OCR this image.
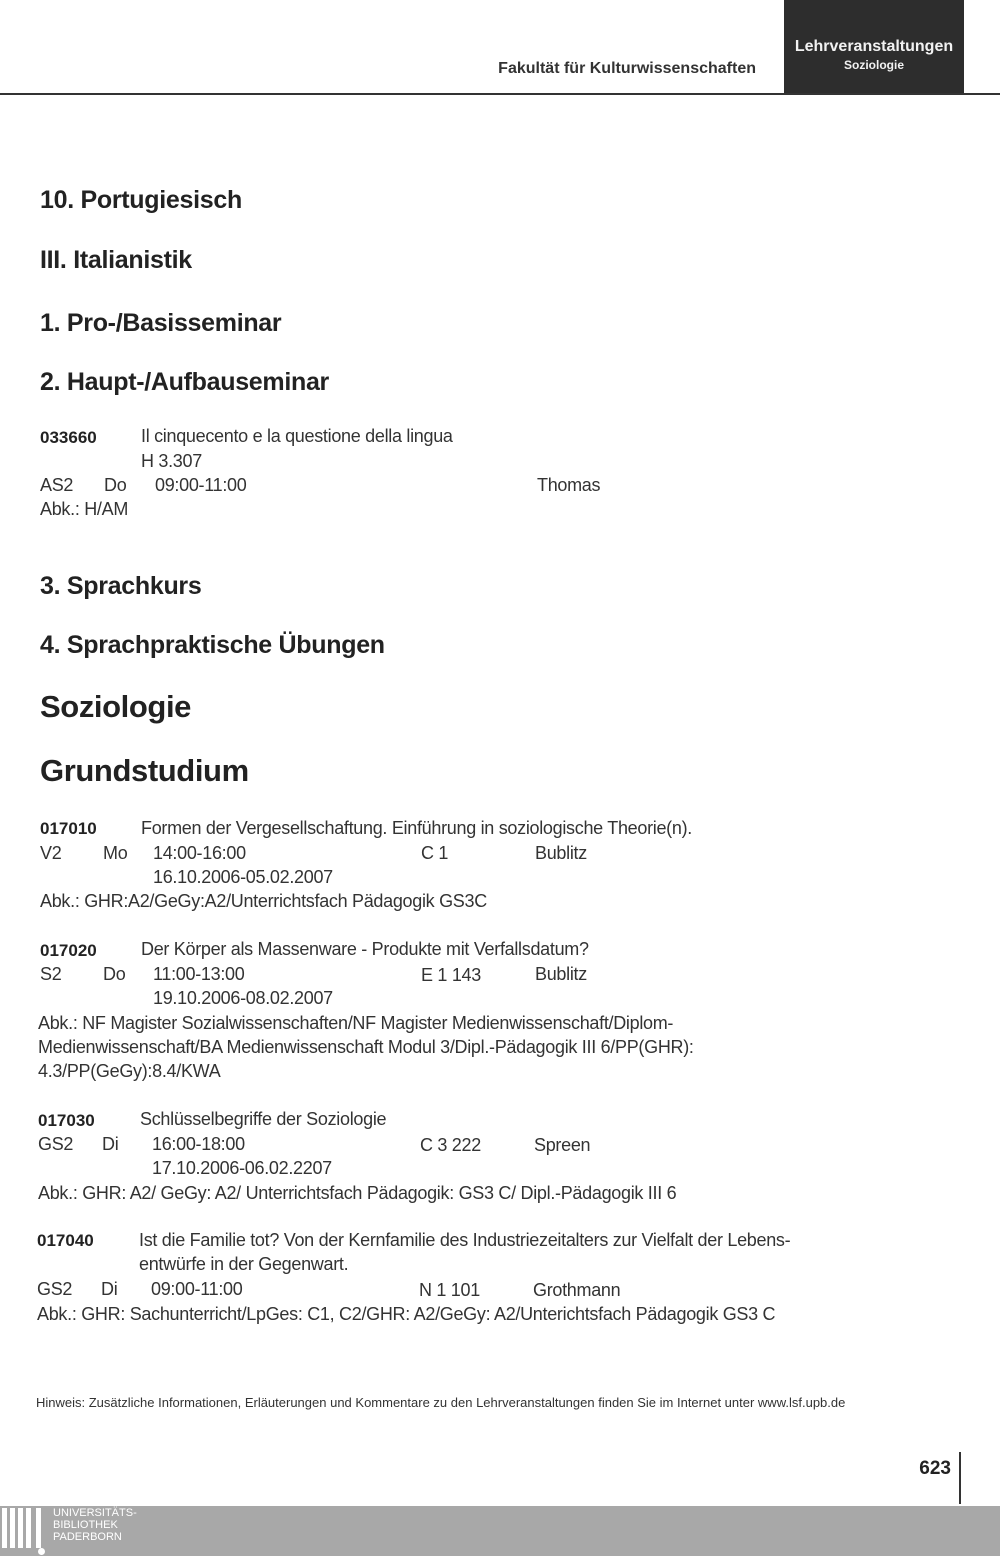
Fakultät für Kulturwissenschaften
Lehrveranstaltungen
Soziologie
10. Portugiesisch
III. Italianistik
1. Pro-/Basisseminar
2. Haupt-/Aufbauseminar
033660 Il cinquecento e la questione della lingua
H 3.307
AS2 Do 09:00-11:00	Thomas
Abk.: H/AM
3. Sprachkurs
4. Sprachpraktische Übungen
Soziologie
Grundstudium
017010 Formen der Vergesellschaftung. Einführung in soziologische Theorie(n).
V2 Mo 14:00-16:00	C 1	Bublitz
16.10.2006-05.02.2007
Abk.: GHR:A2/GeGy:A2/Unterrichtsfach Pädagogik GS3C
017020 Der Körper als Massenware - Produkte mit Verfallsdatum?
S2 Do 11:00-13:00	E 1 143	Bublitz
19.10.2006-08.02.2007
Abk.: NF Magister Sozialwissenschaften/NF Magister Medienwissenschaft/Diplom-
Medienwissenschaft/BA Medienwissenschaft Modul 3/Dipl.-Pädagogik III 6/PP(GHR):
4.3/PP(GeGy):8.4/KWA
017030	Schlüsselbegriffe der Soziologie
GS2 Di 16:00-18:00	C 3 222	Spreen
17.10.2006-06.02.2207
Abk.: GHR: A2/ GeGy: A2/ Unterrichtsfach Pädagogik: GS3 C/ Dipl.-Pädagogik III 6
017040	Ist die Familie tot? Von der Kernfamilie des Industriezeitalters zur Vielfalt der Lebens-
entwürfe in der Gegenwart.
GS2 Di 09:00-11:00	N 1 101	Grothmann
Abk.: GHR: Sachunterricht/LpGes: C1, C2/GHR: A2/GeGy: A2/Unterichtsfach Pädagogik GS3 C
Hinweis: Zusätzliche Informationen, Erläuterungen und Kommentare zu den Lehrveranstaltungen finden Sie im Internet unter www.lsf.upb.de
623
UNIVERSITÄTS-
BIBLIOTHEK
PADERBORN
